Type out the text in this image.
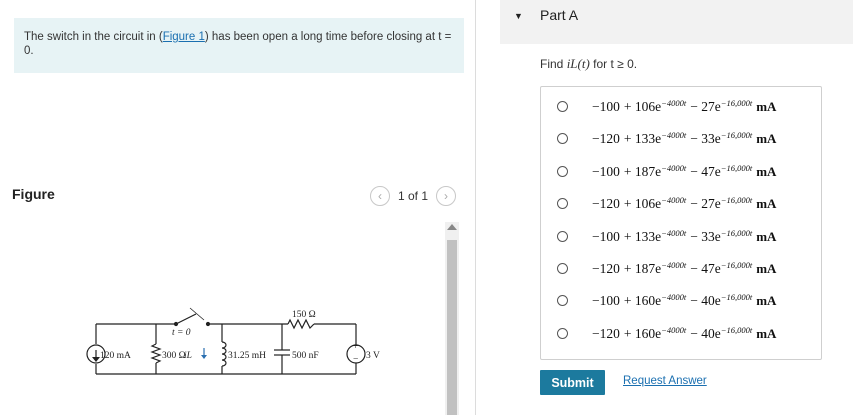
The switch in the circuit in (Figure 1) has been open a long time before closing at t = 0.
Figure	‹	1 of 1	›
+
−
120 mA	300 Ω
iL	31.25 mH
150 Ω
500 nF	3 V
t = 0
▼ Part A
Find iL(t) for t ≥ 0.
$-100 + 106e^{-4000t} - 27e^{-16,000t}$ mA
$-120 + 133e^{-4000t} - 33e^{-16,000t}$ mA
$-100 + 187e^{-4000t} - 47e^{-16,000t}$ mA
$-120 + 106e^{-4000t} - 27e^{-16,000t}$ mA
$-100 + 133e^{-4000t} - 33e^{-16,000t}$ mA
$-120 + 187e^{-4000t} - 47e^{-16,000t}$ mA
$-100 + 160e^{-4000t} - 40e^{-16,000t}$ mA
$-120 + 160e^{-4000t} - 40e^{-16,000t}$ mA
Submit	Request Answer
